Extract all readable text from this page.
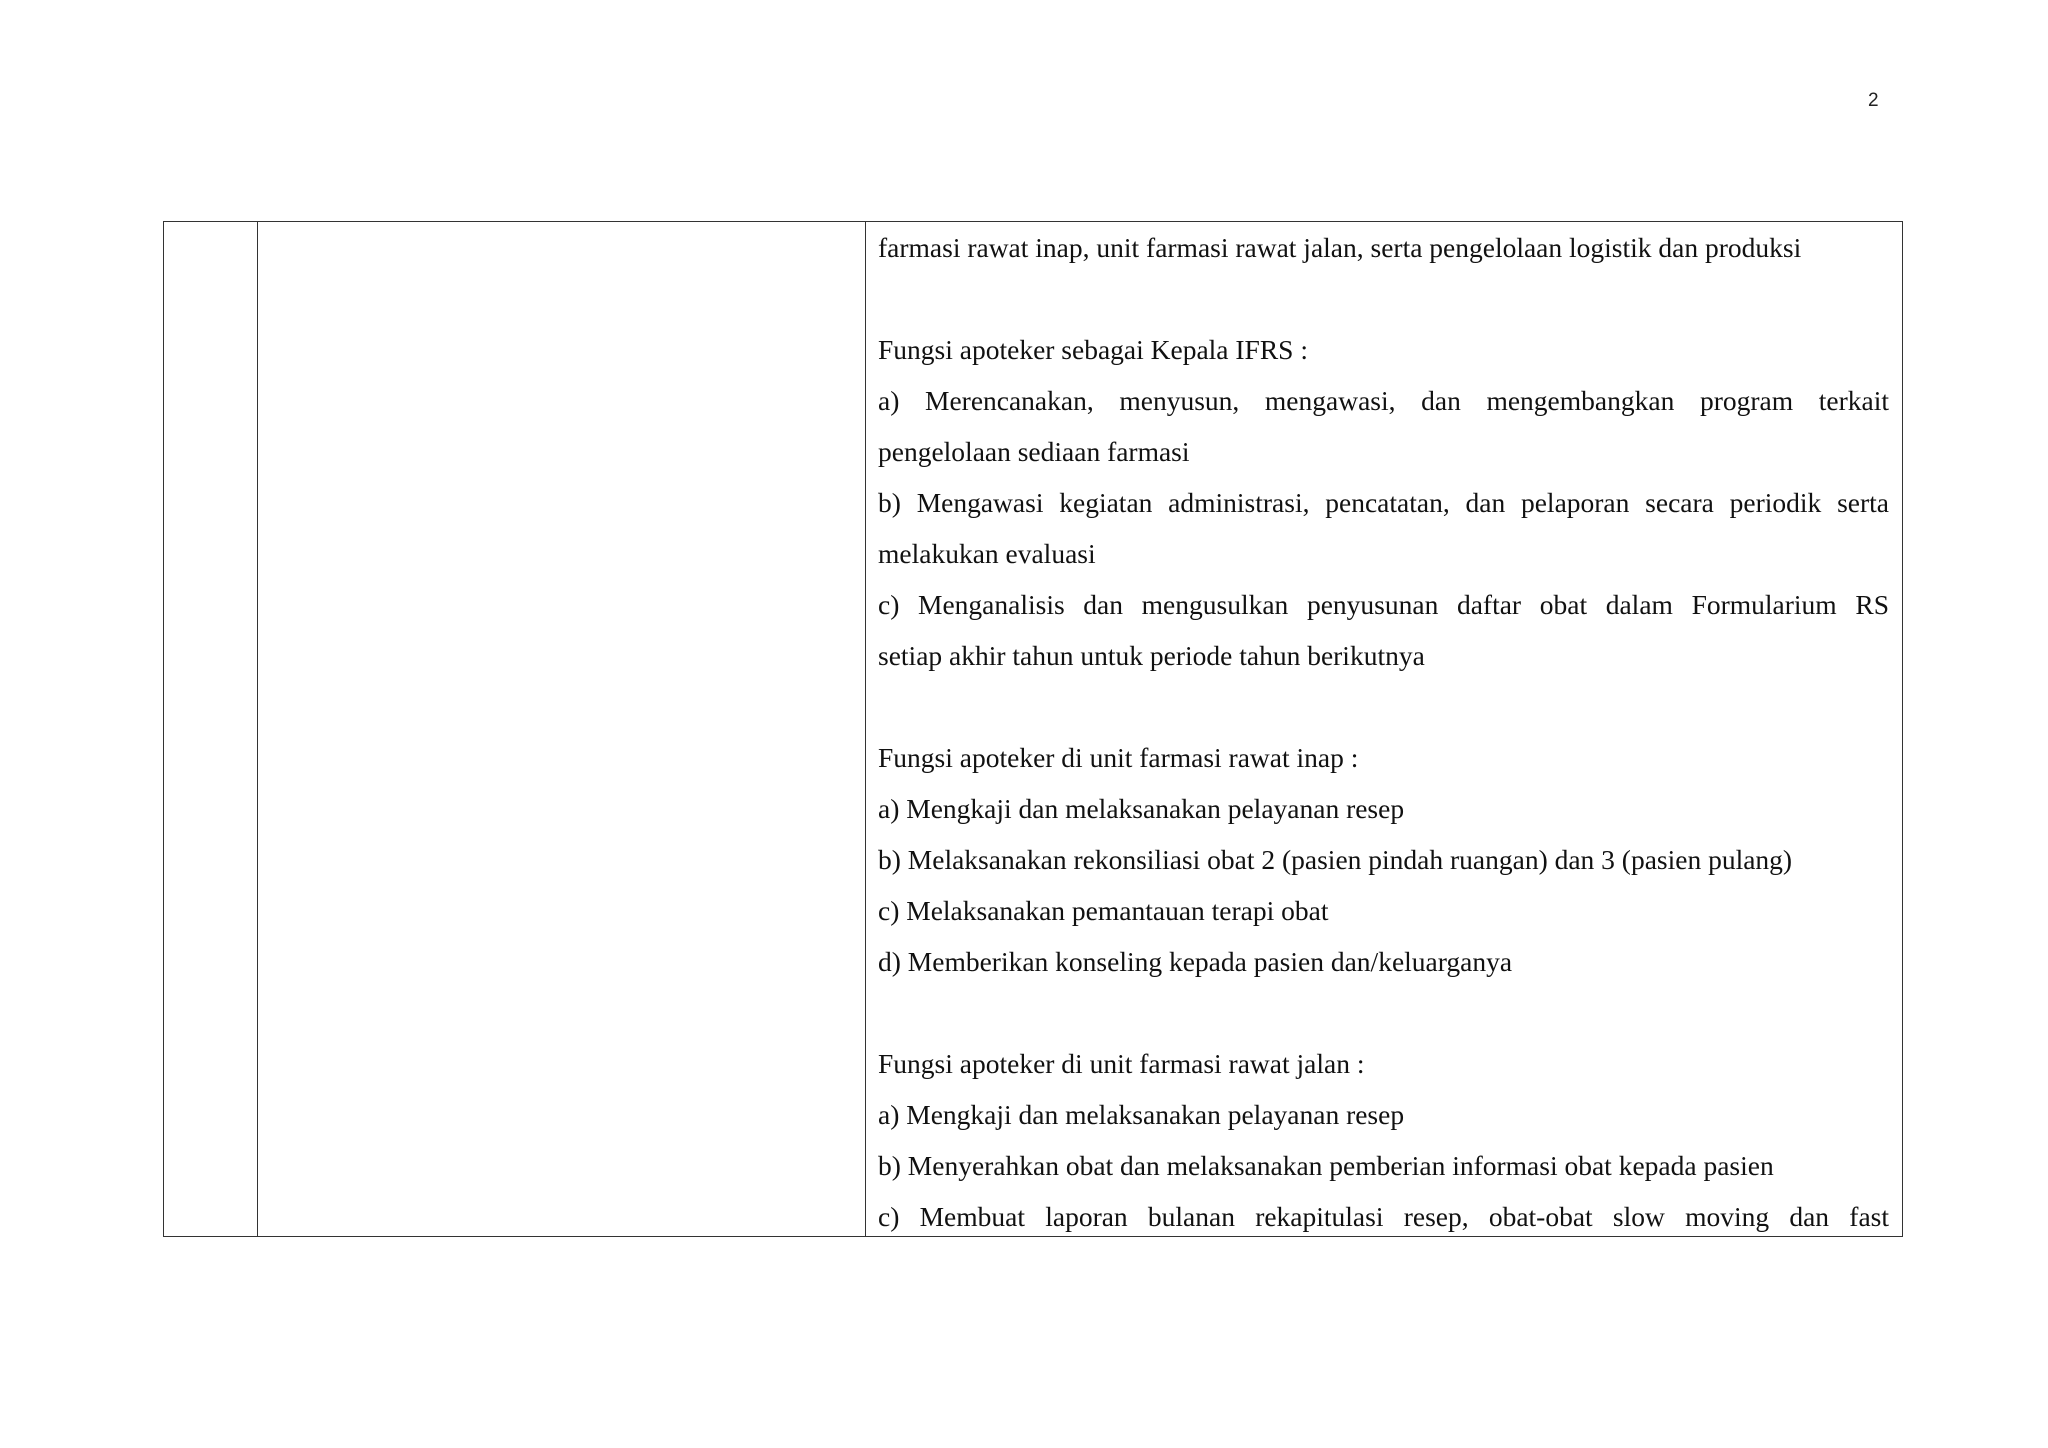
2
farmasi rawat inap, unit farmasi rawat jalan, serta pengelolaan logistik dan produksi
Fungsi apoteker sebagai Kepala IFRS :
a) Merencanakan, menyusun, mengawasi, dan mengembangkan program terkait
pengelolaan sediaan farmasi
b) Mengawasi kegiatan administrasi, pencatatan, dan pelaporan secara periodik serta
melakukan evaluasi
c) Menganalisis dan mengusulkan penyusunan daftar obat dalam Formularium RS
setiap akhir tahun untuk periode tahun berikutnya
Fungsi apoteker di unit farmasi rawat inap :
a) Mengkaji dan melaksanakan pelayanan resep
b) Melaksanakan rekonsiliasi obat 2 (pasien pindah ruangan) dan 3 (pasien pulang)
c) Melaksanakan pemantauan terapi obat
d) Memberikan konseling kepada pasien dan/keluarganya
Fungsi apoteker di unit farmasi rawat jalan :
a) Mengkaji dan melaksanakan pelayanan resep
b) Menyerahkan obat dan melaksanakan pemberian informasi obat kepada pasien
c) Membuat laporan bulanan rekapitulasi resep, obat-obat slow moving dan fast
